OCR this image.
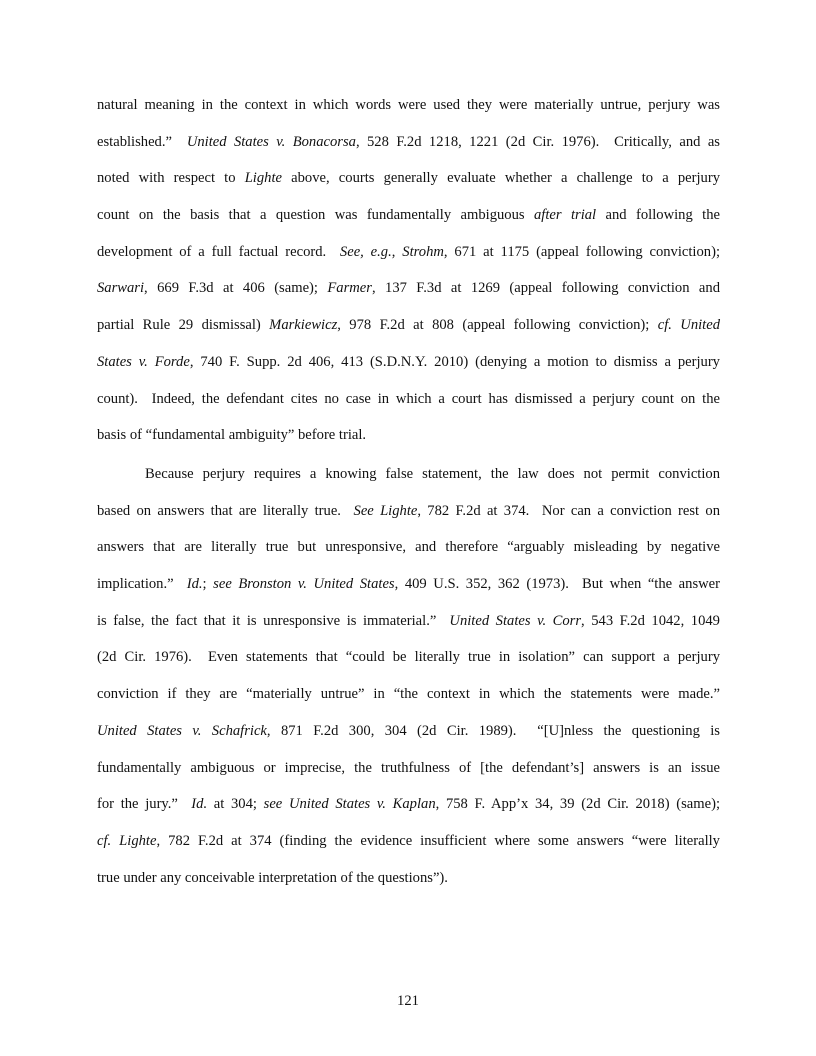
natural meaning in the context in which words were used they were materially untrue, perjury was
established.”  United States v. Bonacorsa, 528 F.2d 1218, 1221 (2d Cir. 1976).  Critically, and as
noted with respect to Lighte above, courts generally evaluate whether a challenge to a perjury
count on the basis that a question was fundamentally ambiguous after trial and following the
development of a full factual record.  See, e.g., Strohm, 671 at 1175 (appeal following conviction);
Sarwari, 669 F.3d at 406 (same); Farmer, 137 F.3d at 1269 (appeal following conviction and
partial Rule 29 dismissal) Markiewicz, 978 F.2d at 808 (appeal following conviction); cf. United
States v. Forde, 740 F. Supp. 2d 406, 413 (S.D.N.Y. 2010) (denying a motion to dismiss a perjury
count).  Indeed, the defendant cites no case in which a court has dismissed a perjury count on the
basis of “fundamental ambiguity” before trial.
Because perjury requires a knowing false statement, the law does not permit conviction
based on answers that are literally true.  See Lighte, 782 F.2d at 374.  Nor can a conviction rest on
answers that are literally true but unresponsive, and therefore “arguably misleading by negative
implication.”  Id.; see Bronston v. United States, 409 U.S. 352, 362 (1973).  But when “the answer
is false, the fact that it is unresponsive is immaterial.”  United States v. Corr, 543 F.2d 1042, 1049
(2d Cir. 1976).  Even statements that “could be literally true in isolation” can support a perjury
conviction if they are “materially untrue” in “the context in which the statements were made.”
United States v. Schafrick, 871 F.2d 300, 304 (2d Cir. 1989).  “[U]nless the questioning is
fundamentally ambiguous or imprecise, the truthfulness of [the defendant’s] answers is an issue
for the jury.”  Id. at 304; see United States v. Kaplan, 758 F. App’x 34, 39 (2d Cir. 2018) (same);
cf. Lighte, 782 F.2d at 374 (finding the evidence insufficient where some answers “were literally
true under any conceivable interpretation of the questions”).
121
